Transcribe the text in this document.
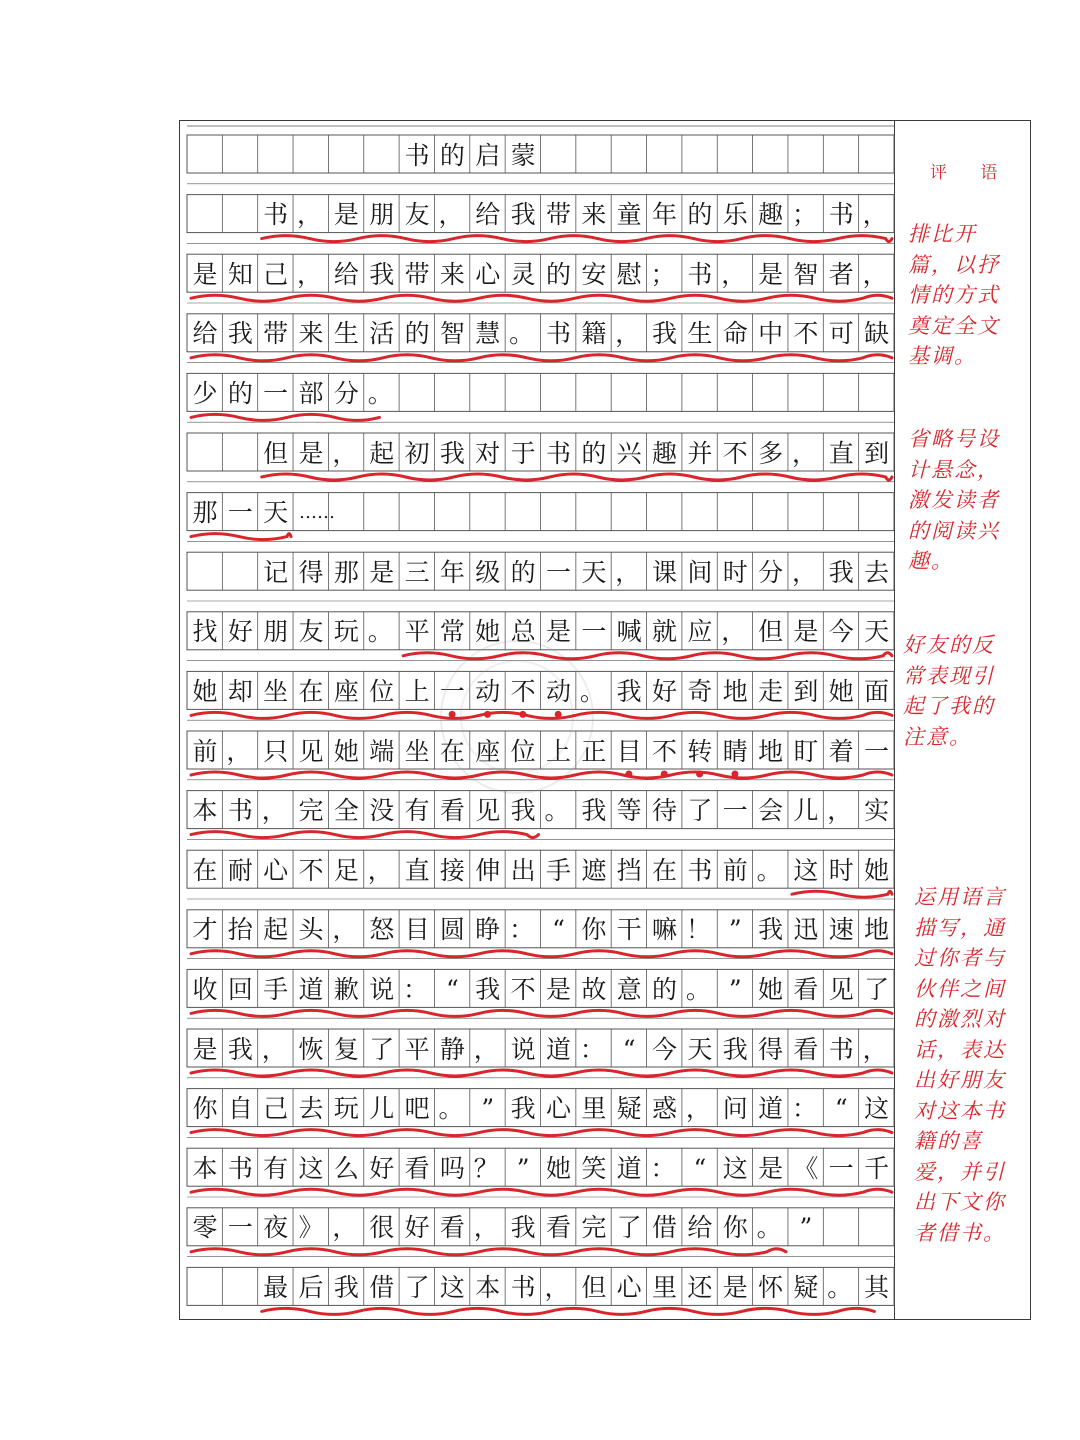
书 的 启 蒙
书 ， 是 朋 友 ， 给 我 带 来 童 年 的 乐 趣 ； 书 ，
是 知 己 ， 给 我 带 来 心 灵 的 安 慰 ； 书 ， 是 智 者 ，
给 我 带 来 生 活 的 智 慧 。 书 籍 ， 我 生 命 中 不 可 缺
少 的 一 部 分 。
但 是 ， 起 初 我 对 于 书 的 兴 趣 并 不 多 ， 直 到
那 一 天 ……
记 得 那 是 三 年 级 的 一 天 ， 课 间 时 分 ， 我 去
找 好 朋 友 玩 。 平 常 她 总 是 一 喊 就 应 ， 但 是 今 天
她 却 坐 在 座 位 上 一 动 不 动 。 我 好 奇 地 走 到 她 面
前 ， 只 见 她 端 坐 在 座 位 上 正 目 不 转 睛 地 盯 着 一
本 书 ， 完 全 没 有 看 见 我 。 我 等 待 了 一 会 儿 ， 实
在 耐 心 不 足 ， 直 接 伸 出 手 遮 挡 在 书 前 。 这 时 她
才 抬 起 头 ， 怒 目 圆 睁 ： “ 你 干 嘛 ！ ” 我 迅 速 地
收 回 手 道 歉 说 ： “ 我 不 是 故 意 的 。 ” 她 看 见 了
是 我 ， 恢 复 了 平 静 ， 说 道 ： “ 今 天 我 得 看 书 ，
你 自 己 去 玩 儿 吧 。 ” 我 心 里 疑 惑 ， 问 道 ： “ 这
本 书 有 这 么 好 看 吗 ？ ” 她 笑 道 ： “ 这 是 《 一 千
零 一 夜 》 ， 很 好 看 ， 我 看 完 了 借 给 你 。 ”
最 后 我 借 了 这 本 书 ， 但 心 里 还 是 怀 疑 。 其
评 语
排比开
篇，以抒
情的方式
奠定全文
基调。
省略号设
计悬念，
激发读者
的阅读兴
趣。
好友的反
常表现引
起了我的
注意。
运用语言
描写，通
过你者与
伙伴之间
的激烈对
话，表达
出好朋友
对这本书
籍的喜
爱，并引
出下文你
者借书。
